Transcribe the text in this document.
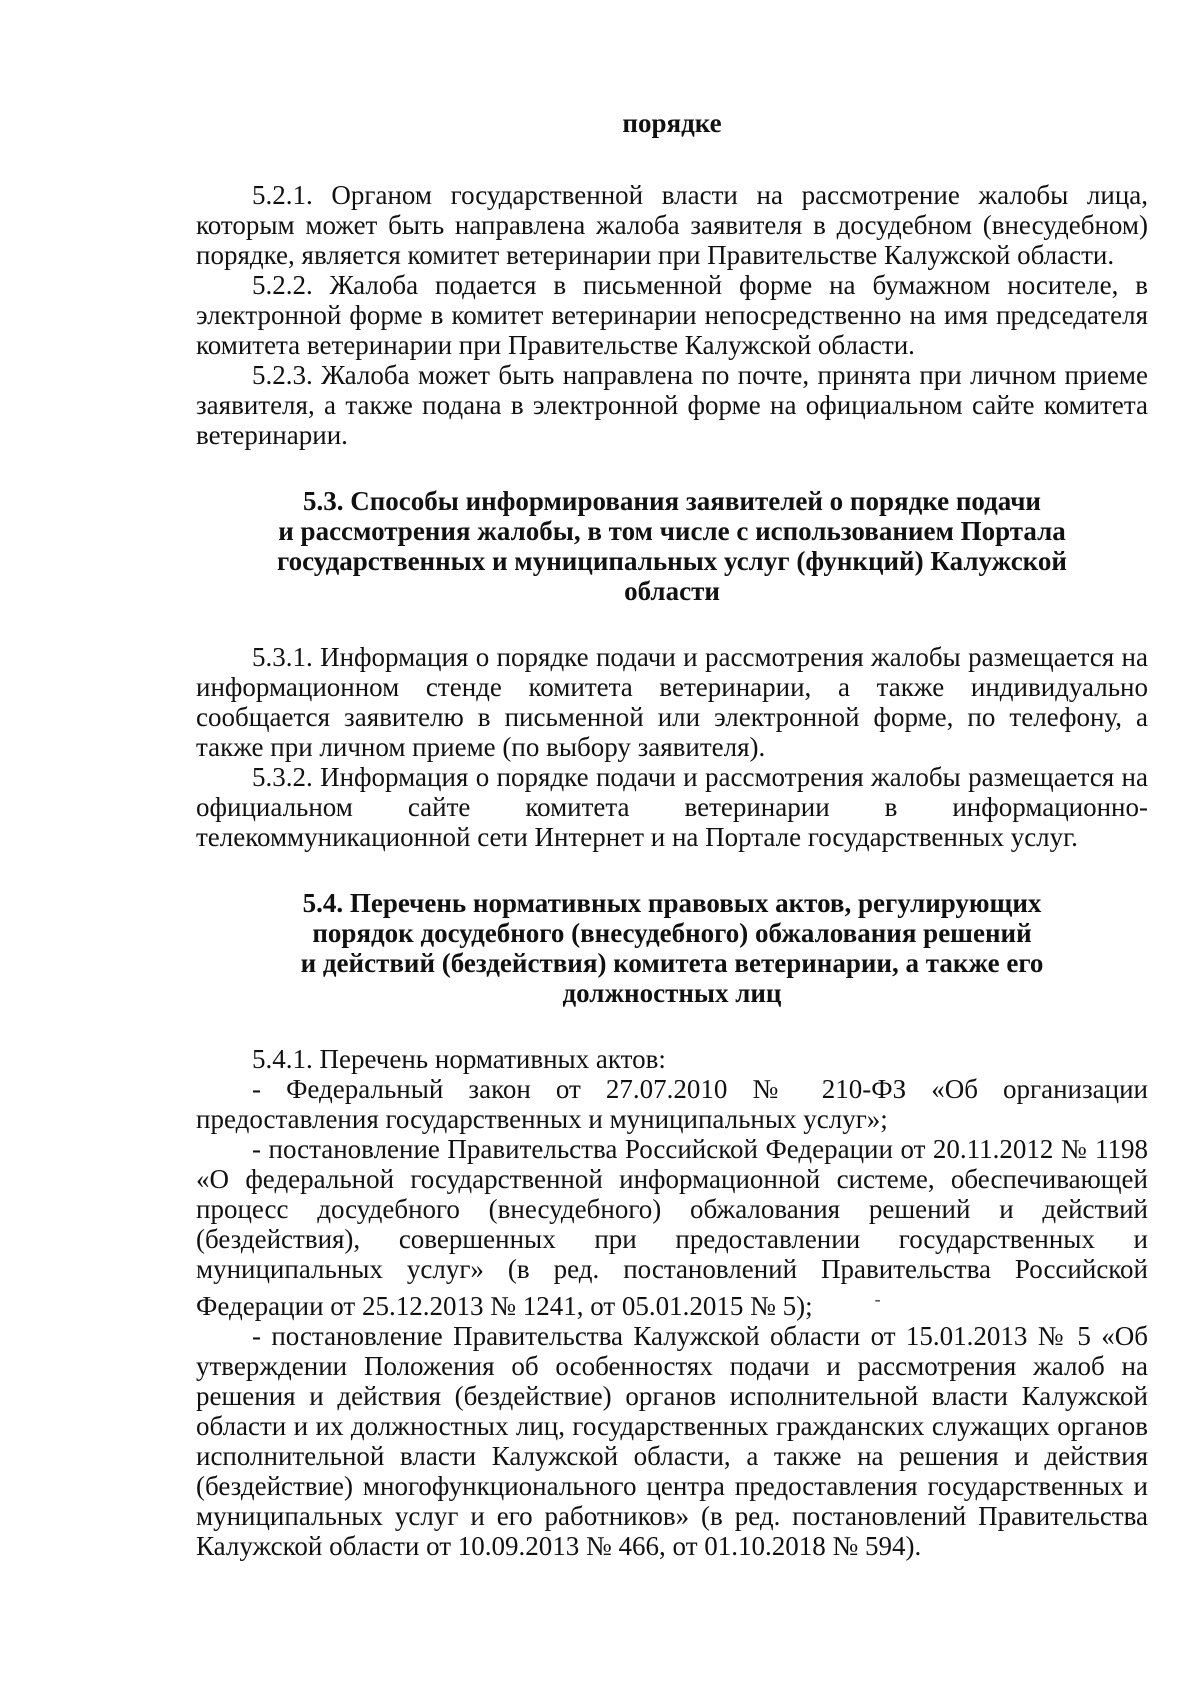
порядке

5.2.1. Органом государственной власти на рассмотрение жалобы лица, которым может быть направлена жалоба заявителя в досудебном (внесудебном) порядке, является комитет ветеринарии при Правительстве Калужской области.

5.2.2. Жалоба подается в письменной форме на бумажном носителе, в электронной форме в комитет ветеринарии непосредственно на имя председателя комитета ветеринарии при Правительстве Калужской области.

5.2.3. Жалоба может быть направлена по почте, принята при личном приеме заявителя, а также подана в электронной форме на официальном сайте комитета ветеринарии.

5.3. Способы информирования заявителей о порядке подачи
и рассмотрения жалобы, в том числе с использованием Портала
государственных и муниципальных услуг (функций) Калужской
области

5.3.1. Информация о порядке подачи и рассмотрения жалобы размещается на информационном стенде комитета ветеринарии, а также индивидуально сообщается заявителю в письменной или электронной форме, по телефону, а также при личном приеме (по выбору заявителя).

5.3.2. Информация о порядке подачи и рассмотрения жалобы размещается на официальном сайте комитета ветеринарии в информационно-телекоммуникационной сети Интернет и на Портале государственных услуг.

5.4. Перечень нормативных правовых актов, регулирующих
порядок досудебного (внесудебного) обжалования решений
и действий (бездействия) комитета ветеринарии, а также его
должностных лиц

5.4.1. Перечень нормативных актов:

- Федеральный закон от 27.07.2010 № 210-ФЗ «Об организации предоставления государственных и муниципальных услуг»;

- постановление Правительства Российской Федерации от 20.11.2012 № 1198 «О федеральной государственной информационной системе, обеспечивающей процесс досудебного (внесудебного) обжалования решений и действий (бездействия), совершенных при предоставлении государственных и муниципальных услуг» (в ред. постановлений Правительства Российской Федерации от 25.12.2013 № 1241, от 05.01.2015 № 5);	-

- постановление Правительства Калужской области от 15.01.2013 № 5 «Об утверждении Положения об особенностях подачи и рассмотрения жалоб на решения и действия (бездействие) органов исполнительной власти Калужской области и их должностных лиц, государственных гражданских служащих органов исполнительной власти Калужской области, а также на решения и действия (бездействие) многофункционального центра предоставления государственных и муниципальных услуг и его работников» (в ред. постановлений Правительства Калужской области от 10.09.2013 № 466, от 01.10.2018 № 594).
